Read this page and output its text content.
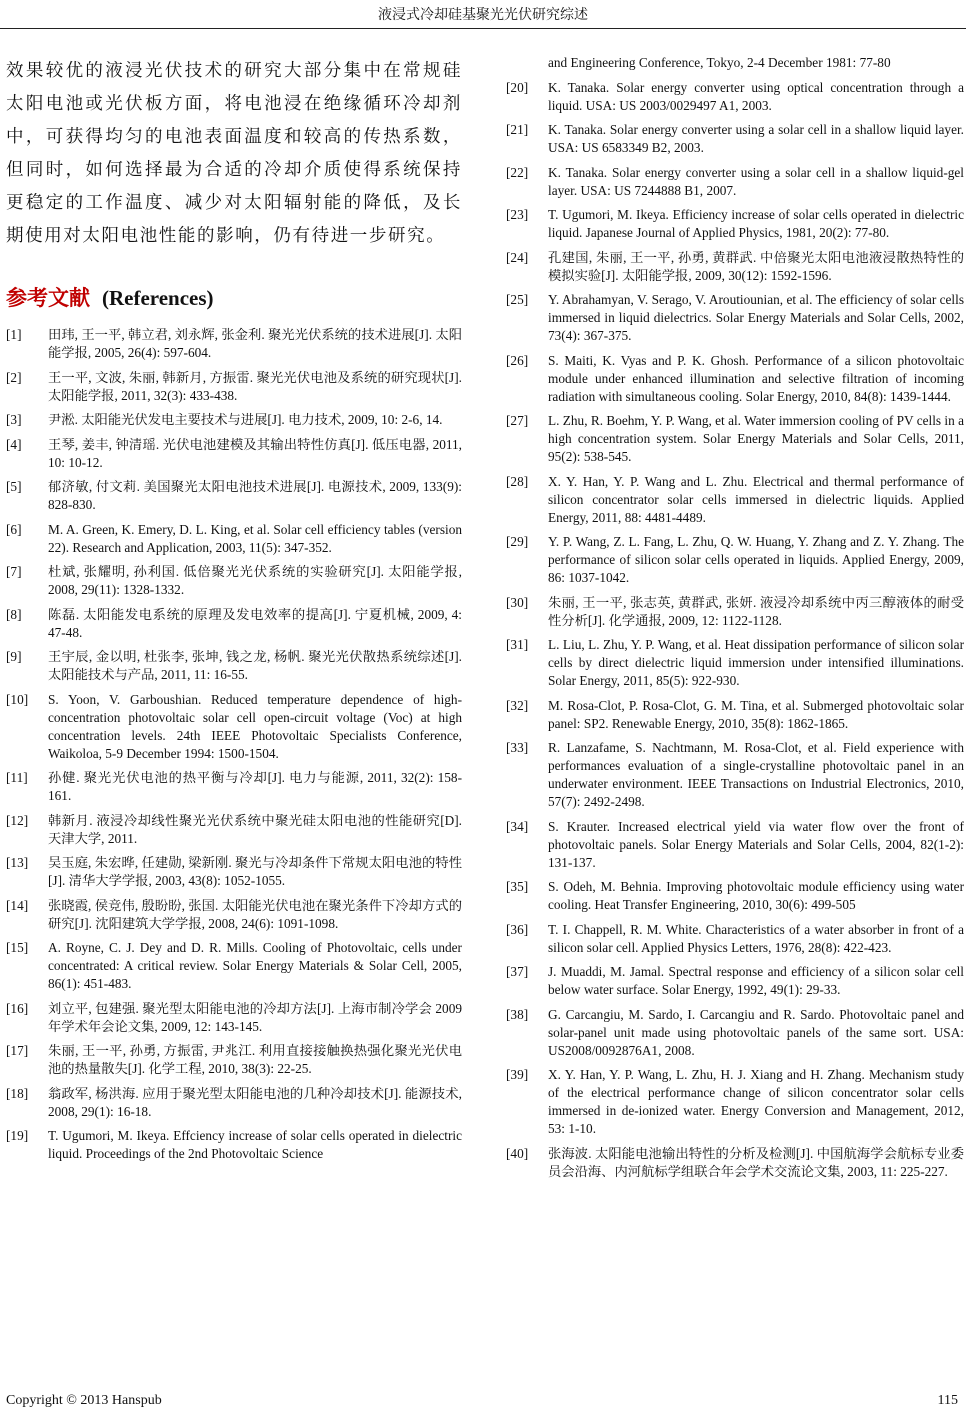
液浸式冷却硅基聚光光伏研究综述

效果较优的液浸光伏技术的研究大部分集中在常规硅太阳电池或光伏板方面，将电池浸在绝缘循环冷却剂中，可获得均匀的电池表面温度和较高的传热系数，但同时，如何选择最为合适的冷却介质使得系统保持更稳定的工作温度、减少对太阳辐射能的降低，及长期使用对太阳电池性能的影响，仍有待进一步研究。

参考文献 (References)
[1]	田玮, 王一平, 韩立君, 刘永辉, 张金利. 聚光光伏系统的技术进展[J]. 太阳能学报, 2005, 26(4): 597-604.
[2]	王一平, 文波, 朱丽, 韩新月, 方振雷. 聚光光伏电池及系统的研究现状[J]. 太阳能学报, 2011, 32(3): 433-438.
[3]	尹淞. 太阳能光伏发电主要技术与进展[J]. 电力技术, 2009, 10: 2-6, 14.
[4]	王琴, 姜丰, 钟清瑶. 光伏电池建模及其输出特性仿真[J]. 低压电器, 2011, 10: 10-12.
[5]	郁济敏, 付文莉. 美国聚光太阳电池技术进展[J]. 电源技术, 2009, 133(9): 828-830.
[6]	M. A. Green, K. Emery, D. L. King, et al. Solar cell efficiency tables (version 22). Research and Application, 2003, 11(5): 347-352.
[7]	杜斌, 张耀明, 孙利国. 低倍聚光光伏系统的实验研究[J]. 太阳能学报, 2008, 29(11): 1328-1332.
[8]	陈磊. 太阳能发电系统的原理及发电效率的提高[J]. 宁夏机械, 2009, 4: 47-48.
[9]	王宇辰, 金以明, 杜张李, 张坤, 钱之龙, 杨帆. 聚光光伏散热系统综述[J]. 太阳能技术与产品, 2011, 11: 16-55.
[10]	S. Yoon, V. Garboushian. Reduced temperature dependence of high-concentration photovoltaic solar cell open-circuit voltage (Voc) at high concentration levels. 24th IEEE Photovoltaic Specialists Conference, Waikoloa, 5-9 December 1994: 1500-1504.
[11]	孙健. 聚光光伏电池的热平衡与冷却[J]. 电力与能源, 2011, 32(2): 158-161.
[12]	韩新月. 液浸冷却线性聚光光伏系统中聚光硅太阳电池的性能研究[D]. 天津大学, 2011.
[13]	吴玉庭, 朱宏晔, 任建勋, 梁新刚. 聚光与冷却条件下常规太阳电池的特性[J]. 清华大学学报, 2003, 43(8): 1052-1055.
[14]	张晓霞, 侯竞伟, 殷盼盼, 张国. 太阳能光伏电池在聚光条件下冷却方式的研究[J]. 沈阳建筑大学学报, 2008, 24(6): 1091-1098.
[15]	A. Royne, C. J. Dey and D. R. Mills. Cooling of Photovoltaic, cells under concentrated: A critical review. Solar Energy Materials & Solar Cell, 2005, 86(1): 451-483.
[16]	刘立平, 包建强. 聚光型太阳能电池的冷却方法[J]. 上海市制冷学会 2009 年学术年会论文集, 2009, 12: 143-145.
[17]	朱丽, 王一平, 孙勇, 方振雷, 尹兆江. 利用直接接触换热强化聚光光伏电池的热量散失[J]. 化学工程, 2010, 38(3): 22-25.
[18]	翁政军, 杨洪海. 应用于聚光型太阳能电池的几种冷却技术[J]. 能源技术, 2008, 29(1): 16-18.
[19]	T. Ugumori, M. Ikeya. Effciency increase of solar cells operated in dielectric liquid. Proceedings of the 2nd Photovoltaic Science
and Engineering Conference, Tokyo, 2-4 December 1981: 77-80
[20]	K. Tanaka. Solar energy converter using optical concentration through a liquid. USA: US 2003/0029497 A1, 2003.
[21]	K. Tanaka. Solar energy converter using a solar cell in a shallow liquid layer. USA: US 6583349 B2, 2003.
[22]	K. Tanaka. Solar energy converter using a solar cell in a shallow liquid-gel layer. USA: US 7244888 B1, 2007.
[23]	T. Ugumori, M. Ikeya. Efficiency increase of solar cells operated in dielectric liquid. Japanese Journal of Applied Physics, 1981, 20(2): 77-80.
[24]	孔建国, 朱丽, 王一平, 孙勇, 黄群武. 中倍聚光太阳电池液浸散热特性的模拟实验[J]. 太阳能学报, 2009, 30(12): 1592-1596.
[25]	Y. Abrahamyan, V. Serago, V. Aroutiounian, et al. The efficiency of solar cells immersed in liquid dielectrics. Solar Energy Materials and Solar Cells, 2002, 73(4): 367-375.
[26]	S. Maiti, K. Vyas and P. K. Ghosh. Performance of a silicon photovoltaic module under enhanced illumination and selective filtration of incoming radiation with simultaneous cooling. Solar Energy, 2010, 84(8): 1439-1444.
[27]	L. Zhu, R. Boehm, Y. P. Wang, et al. Water immersion cooling of PV cells in a high concentration system. Solar Energy Materials and Solar Cells, 2011, 95(2): 538-545.
[28]	X. Y. Han, Y. P. Wang and L. Zhu. Electrical and thermal performance of silicon concentrator solar cells immersed in dielectric liquids. Applied Energy, 2011, 88: 4481-4489.
[29]	Y. P. Wang, Z. L. Fang, L. Zhu, Q. W. Huang, Y. Zhang and Z. Y. Zhang. The performance of silicon solar cells operated in liquids. Applied Energy, 2009, 86: 1037-1042.
[30]	朱丽, 王一平, 张志英, 黄群武, 张妍. 液浸冷却系统中丙三醇液体的耐受性分析[J]. 化学通报, 2009, 12: 1122-1128.
[31]	L. Liu, L. Zhu, Y. P. Wang, et al. Heat dissipation performance of silicon solar cells by direct dielectric liquid immersion under intensified illuminations. Solar Energy, 2011, 85(5): 922-930.
[32]	M. Rosa-Clot, P. Rosa-Clot, G. M. Tina, et al. Submerged photovoltaic solar panel: SP2. Renewable Energy, 2010, 35(8): 1862-1865.
[33]	R. Lanzafame, S. Nachtmann, M. Rosa-Clot, et al. Field experience with performances evaluation of a single-crystalline photovoltaic panel in an underwater environment. IEEE Transactions on Industrial Electronics, 2010, 57(7): 2492-2498.
[34]	S. Krauter. Increased electrical yield via water flow over the front of photovoltaic panels. Solar Energy Materials and Solar Cells, 2004, 82(1-2): 131-137.
[35]	S. Odeh, M. Behnia. Improving photovoltaic module efficiency using water cooling. Heat Transfer Engineering, 2010, 30(6): 499-505
[36]	T. I. Chappell, R. M. White. Characteristics of a water absorber in front of a silicon solar cell. Applied Physics Letters, 1976, 28(8): 422-423.
[37]	J. Muaddi, M. Jamal. Spectral response and efficiency of a silicon solar cell below water surface. Solar Energy, 1992, 49(1): 29-33.
[38]	G. Carcangiu, M. Sardo, I. Carcangiu and R. Sardo. Photovoltaic panel and solar-panel unit made using photovoltaic panels of the same sort. USA: US2008/0092876A1, 2008.
[39]	X. Y. Han, Y. P. Wang, L. Zhu, H. J. Xiang and H. Zhang. Mechanism study of the electrical performance change of silicon concentrator solar cells immersed in de-ionized water. Energy Conversion and Management, 2012, 53: 1-10.
[40]	张海波. 太阳能电池输出特性的分析及检测[J]. 中国航海学会航标专业委员会沿海、内河航标学组联合年会学术交流论文集, 2003, 11: 225-227.
Copyright © 2013 Hanspub	115
